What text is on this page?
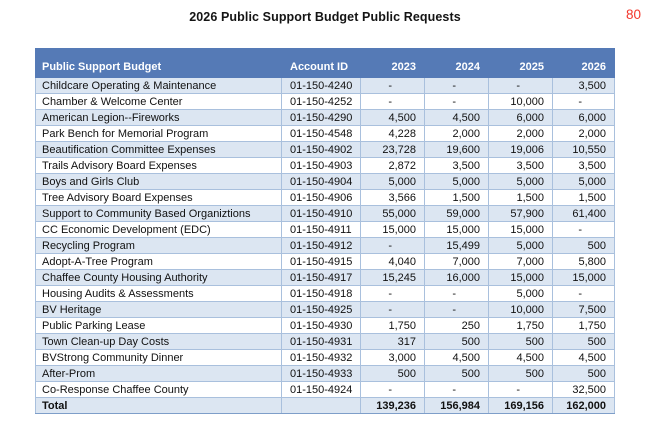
2026 Public Support Budget Public Requests	80
Public Support Budget	Account ID	2023	2024	2025	2026
Childcare Operating & Maintenance	01-150-4240	-	-	-	3,500
Chamber & Welcome Center	01-150-4252	-	-	10,000	-
American Legion--Fireworks	01-150-4290	4,500	4,500	6,000	6,000
Park Bench for Memorial Program	01-150-4548	4,228	2,000	2,000	2,000
Beautification Committee Expenses	01-150-4902	23,728	19,600	19,006	10,550
Trails Advisory Board Expenses	01-150-4903	2,872	3,500	3,500	3,500
Boys and Girls Club	01-150-4904	5,000	5,000	5,000	5,000
Tree Advisory Board Expenses	01-150-4906	3,566	1,500	1,500	1,500
Support to Community Based Organiztions	01-150-4910	55,000	59,000	57,900	61,400
CC Economic Development (EDC)	01-150-4911	15,000	15,000	15,000	-
Recycling Program	01-150-4912	-	15,499	5,000	500
Adopt-A-Tree Program	01-150-4915	4,040	7,000	7,000	5,800
Chaffee County Housing Authority	01-150-4917	15,245	16,000	15,000	15,000
Housing Audits & Assessments	01-150-4918	-	-	5,000	-
BV Heritage	01-150-4925	-	-	10,000	7,500
Public Parking Lease	01-150-4930	1,750	250	1,750	1,750
Town Clean-up Day Costs	01-150-4931	317	500	500	500
BVStrong Community Dinner	01-150-4932	3,000	4,500	4,500	4,500
After-Prom	01-150-4933	500	500	500	500
Co-Response Chaffee County	01-150-4924	-	-	-	32,500
Total		139,236	156,984	169,156	162,000
